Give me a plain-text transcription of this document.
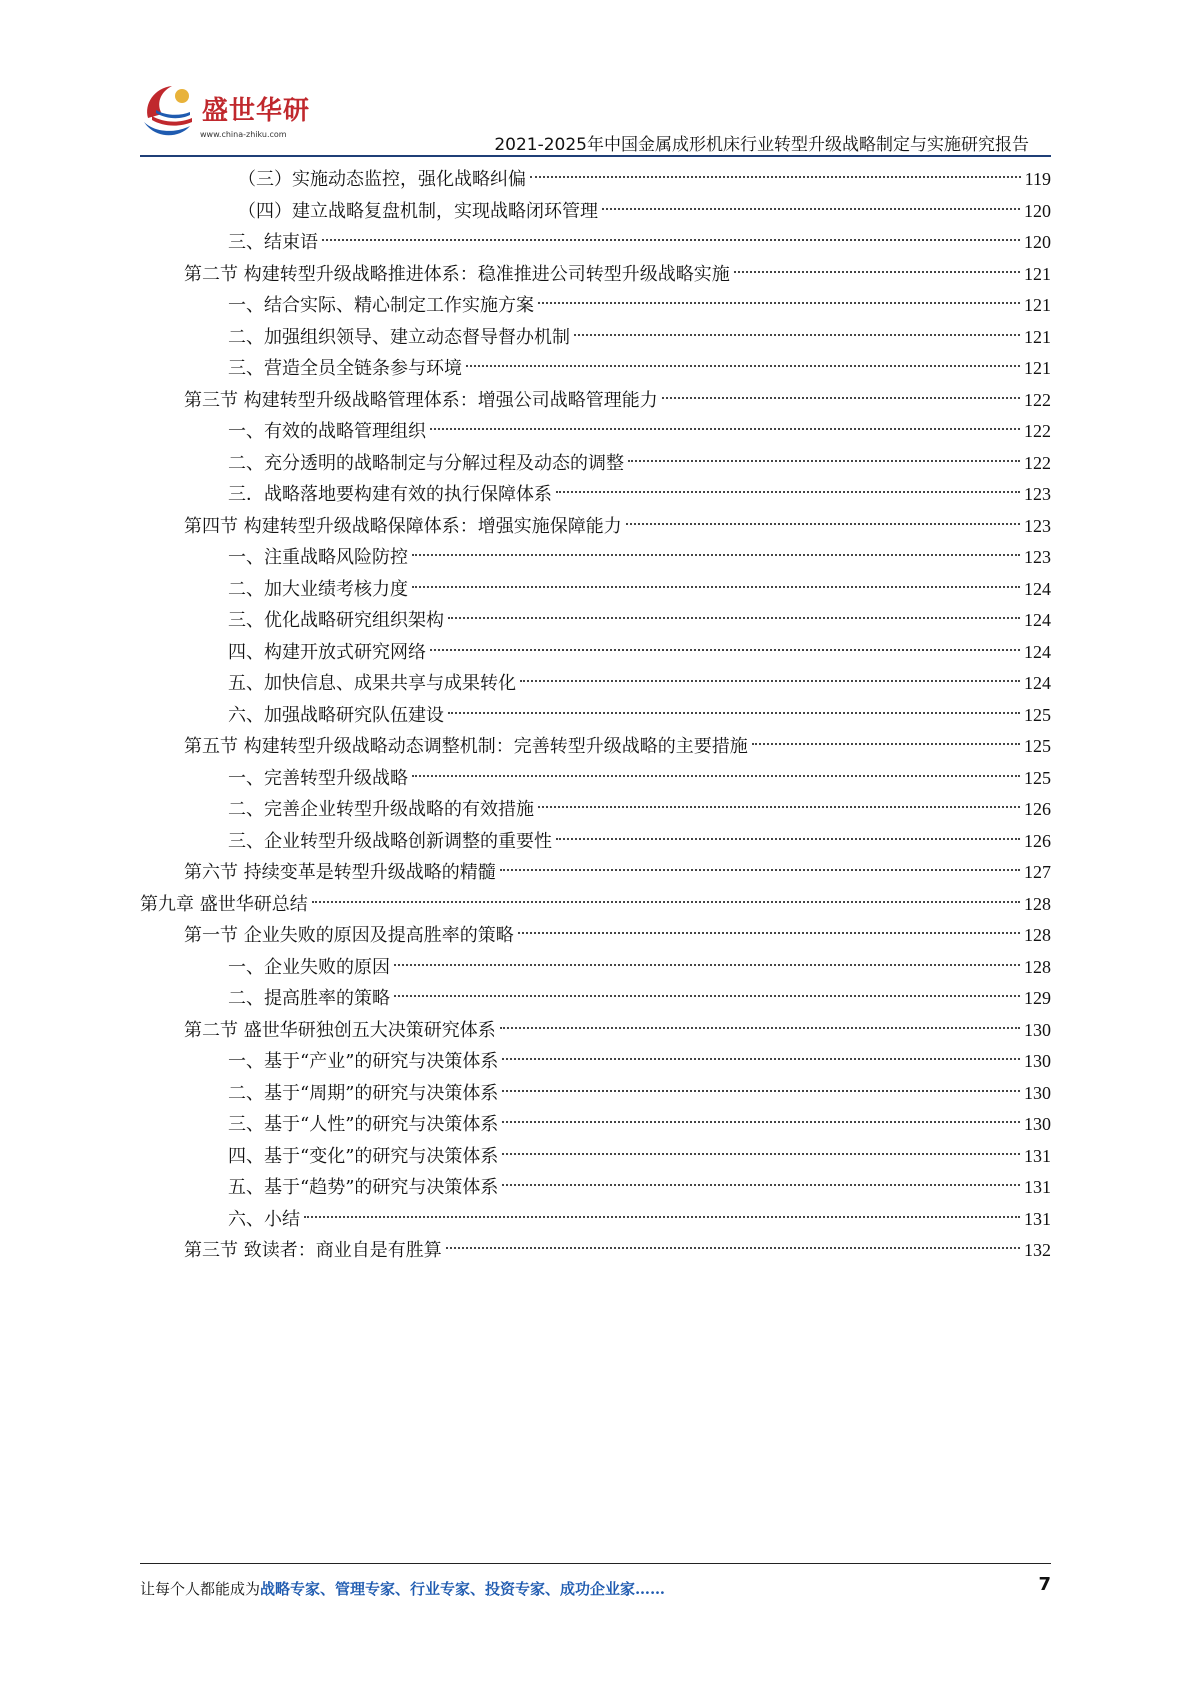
盛世华研
www.china-zhiku.com
2021-2025年中国金属成形机床行业转型升级战略制定与实施研究报告
（三）实施动态监控，强化战略纠偏	119
（四）建立战略复盘机制，实现战略闭环管理	120
三、结束语	120
第二节 构建转型升级战略推进体系：稳准推进公司转型升级战略实施	121
一、结合实际、精心制定工作实施方案	121
二、加强组织领导、建立动态督导督办机制	121
三、营造全员全链条参与环境	121
第三节 构建转型升级战略管理体系：增强公司战略管理能力	122
一、有效的战略管理组织	122
二、充分透明的战略制定与分解过程及动态的调整	122
三．战略落地要构建有效的执行保障体系	123
第四节 构建转型升级战略保障体系：增强实施保障能力	123
一、注重战略风险防控	123
二、加大业绩考核力度	124
三、优化战略研究组织架构	124
四、构建开放式研究网络	124
五、加快信息、成果共享与成果转化	124
六、加强战略研究队伍建设	125
第五节 构建转型升级战略动态调整机制：完善转型升级战略的主要措施	125
一、完善转型升级战略	125
二、完善企业转型升级战略的有效措施	126
三、企业转型升级战略创新调整的重要性	126
第六节 持续变革是转型升级战略的精髓	127
第九章 盛世华研总结	128
第一节 企业失败的原因及提高胜率的策略	128
一、企业失败的原因	128
二、提高胜率的策略	129
第二节 盛世华研独创五大决策研究体系	130
一、基于“产业”的研究与决策体系	130
二、基于“周期”的研究与决策体系	130
三、基于“人性”的研究与决策体系	130
四、基于“变化”的研究与决策体系	131
五、基于“趋势”的研究与决策体系	131
六、小结	131
第三节 致读者：商业自是有胜算	132
让每个人都能成为战略专家、管理专家、行业专家、投资专家、成功企业家……	7
